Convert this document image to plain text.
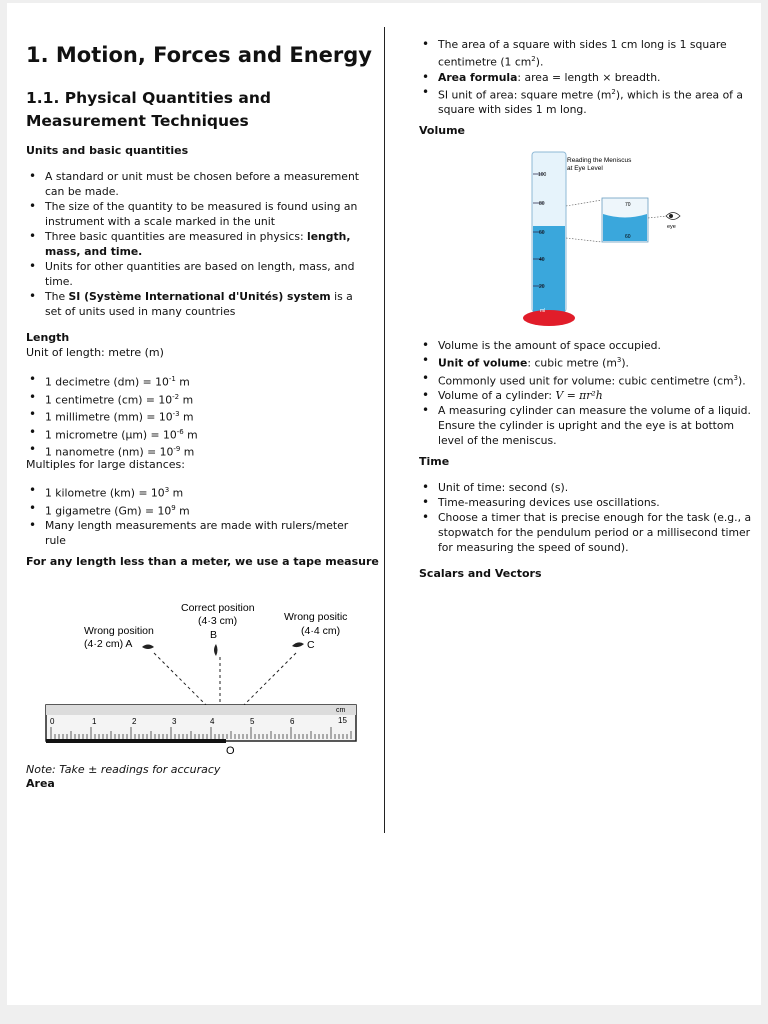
1. Motion, Forces and Energy
1.1. Physical Quantities and Measurement Techniques
Units and basic quantities
• A standard or unit must be chosen before a measurement can be made.
• The size of the quantity to be measured is found using an instrument with a scale marked in the unit
• Three basic quantities are measured in physics: length, mass, and time.
• Units for other quantities are based on length, mass, and time.
• The SI (Système International d'Unités) system is a set of units used in many countries
Length
Unit of length: metre (m)
• 1 decimetre $(dm) = 10^{-1}$ m
• 1 centimetre $(cm) = 10^{-2}$ m
• 1 millimetre $(mm) = 10^{-3}$ m
• 1 micrometre $(\mu m) = 10^{-6}$ m
• 1 nanometre $(nm) = 10^{-9}$ m
Multiples for large distances:
• 1 kilometre $(km) = 10^3$ m
• 1 gigametre $(Gm) = 10^9$ m
• Many length measurements are made with rulers/meter rule
For any length less than a meter, we use a tape measure
Correct position
(4·3 cm)
B
Wrong position
(4·2 cm) A
Wrong positic
(4·4 cm)
C
0	1	2	3	4	5	6	15
cm
O
Note: Take ± readings for accuracy
Area
• The area of a square with sides 1 cm long is 1 square centimetre (1 $cm^2$).
• Area formula: area = length × breadth.
• SI unit of area: square metre $(m^2)$, which is the area of a square with sides 1 m long.
Volume
Reading the Meniscus
at Eye Level
100
80
60
40
20
ml
70
60
eye
• Volume is the amount of space occupied.
• Unit of volume: cubic metre $(m^3)$.
• Commonly used unit for volume: cubic centimetre $(cm^3)$.
• Volume of a cylinder: V = πr²h
• A measuring cylinder can measure the volume of a liquid. Ensure the cylinder is upright and the eye is at bottom level of the meniscus.
Time
• Unit of time: second (s).
• Time-measuring devices use oscillations.
• Choose a timer that is precise enough for the task (e.g., a stopwatch for the pendulum period or a millisecond timer for measuring the speed of sound).
Scalars and Vectors
